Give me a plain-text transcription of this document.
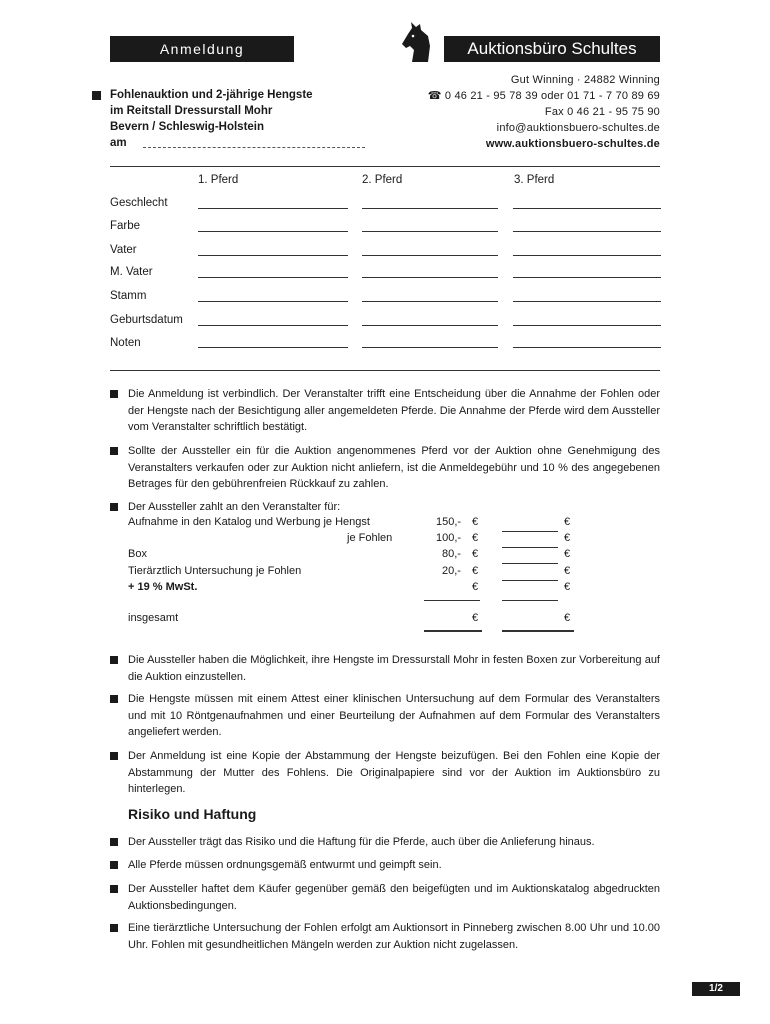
Anmeldung	Auktionsbüro Schultes
Fohlenauktion und 2-jährige Hengste
im Reitstall Dressurstall Mohr
Bevern / Schleswig-Holstein
am
Gut Winning · 24882 Winning
☎ 0 46 21 - 95 78 39 oder 01 71 - 7 70 89 69
Fax 0 46 21 - 95 75 90
info@auktionsbuero-schultes.de
www.auktionsbuero-schultes.de
1. Pferd	2. Pferd	3. Pferd
Geschlecht
Farbe
Vater
M. Vater
Stamm
Geburtsdatum
Noten
Die Anmeldung ist verbindlich. Der Veranstalter trifft eine Entscheidung über die Annahme der Fohlen oder der Hengste nach der Besichtigung aller angemeldeten Pferde. Die Annahme der Pferde wird dem Aussteller vom Veranstalter schriftlich bestätigt.
Sollte der Aussteller ein für die Auktion angenommenes Pferd vor der Auktion ohne Genehmigung des Veranstalters verkaufen oder zur Auktion nicht anliefern, ist die Anmeldegebühr und 10 % des angegebenen Betrages für den gebührenfreien Rückkauf zu zahlen.
Der Aussteller zahlt an den Veranstalter für:
Aufnahme in den Katalog und Werbung je Hengst	150,- €	€
je Fohlen	100,- €	€
Box	80,- €	€
Tierärztlich Untersuchung je Fohlen	20,- €	€
+ 19 % MwSt.	€	€
insgesamt	€	€
Die Aussteller haben die Möglichkeit, ihre Hengste im Dressurstall Mohr in festen Boxen zur Vorbereitung auf die Auktion einzustellen.
Die Hengste müssen mit einem Attest einer klinischen Untersuchung auf dem Formular des Veranstalters und mit 10 Röntgenaufnahmen und einer Beurteilung der Aufnahmen auf dem Formular des Veranstalters angeliefert werden.
Der Anmeldung ist eine Kopie der Abstammung der Hengste beizufügen. Bei den Fohlen eine Kopie der Abstammung der Mutter des Fohlens. Die Originalpapiere sind vor der Auktion im Auktionsbüro zu hinterlegen.
Risiko und Haftung
Der Aussteller trägt das Risiko und die Haftung für die Pferde, auch über die Anlieferung hinaus.
Alle Pferde müssen ordnungsgemäß entwurmt und geimpft sein.
Der Aussteller haftet dem Käufer gegenüber gemäß den beigefügten und im Auktionskatalog abgedruckten Auktionsbedingungen.
Eine tierärztliche Untersuchung der Fohlen erfolgt am Auktionsort in Pinneberg zwischen 8.00 Uhr und 10.00 Uhr. Fohlen mit gesundheitlichen Mängeln werden zur Auktion nicht zugelassen.
1/2
